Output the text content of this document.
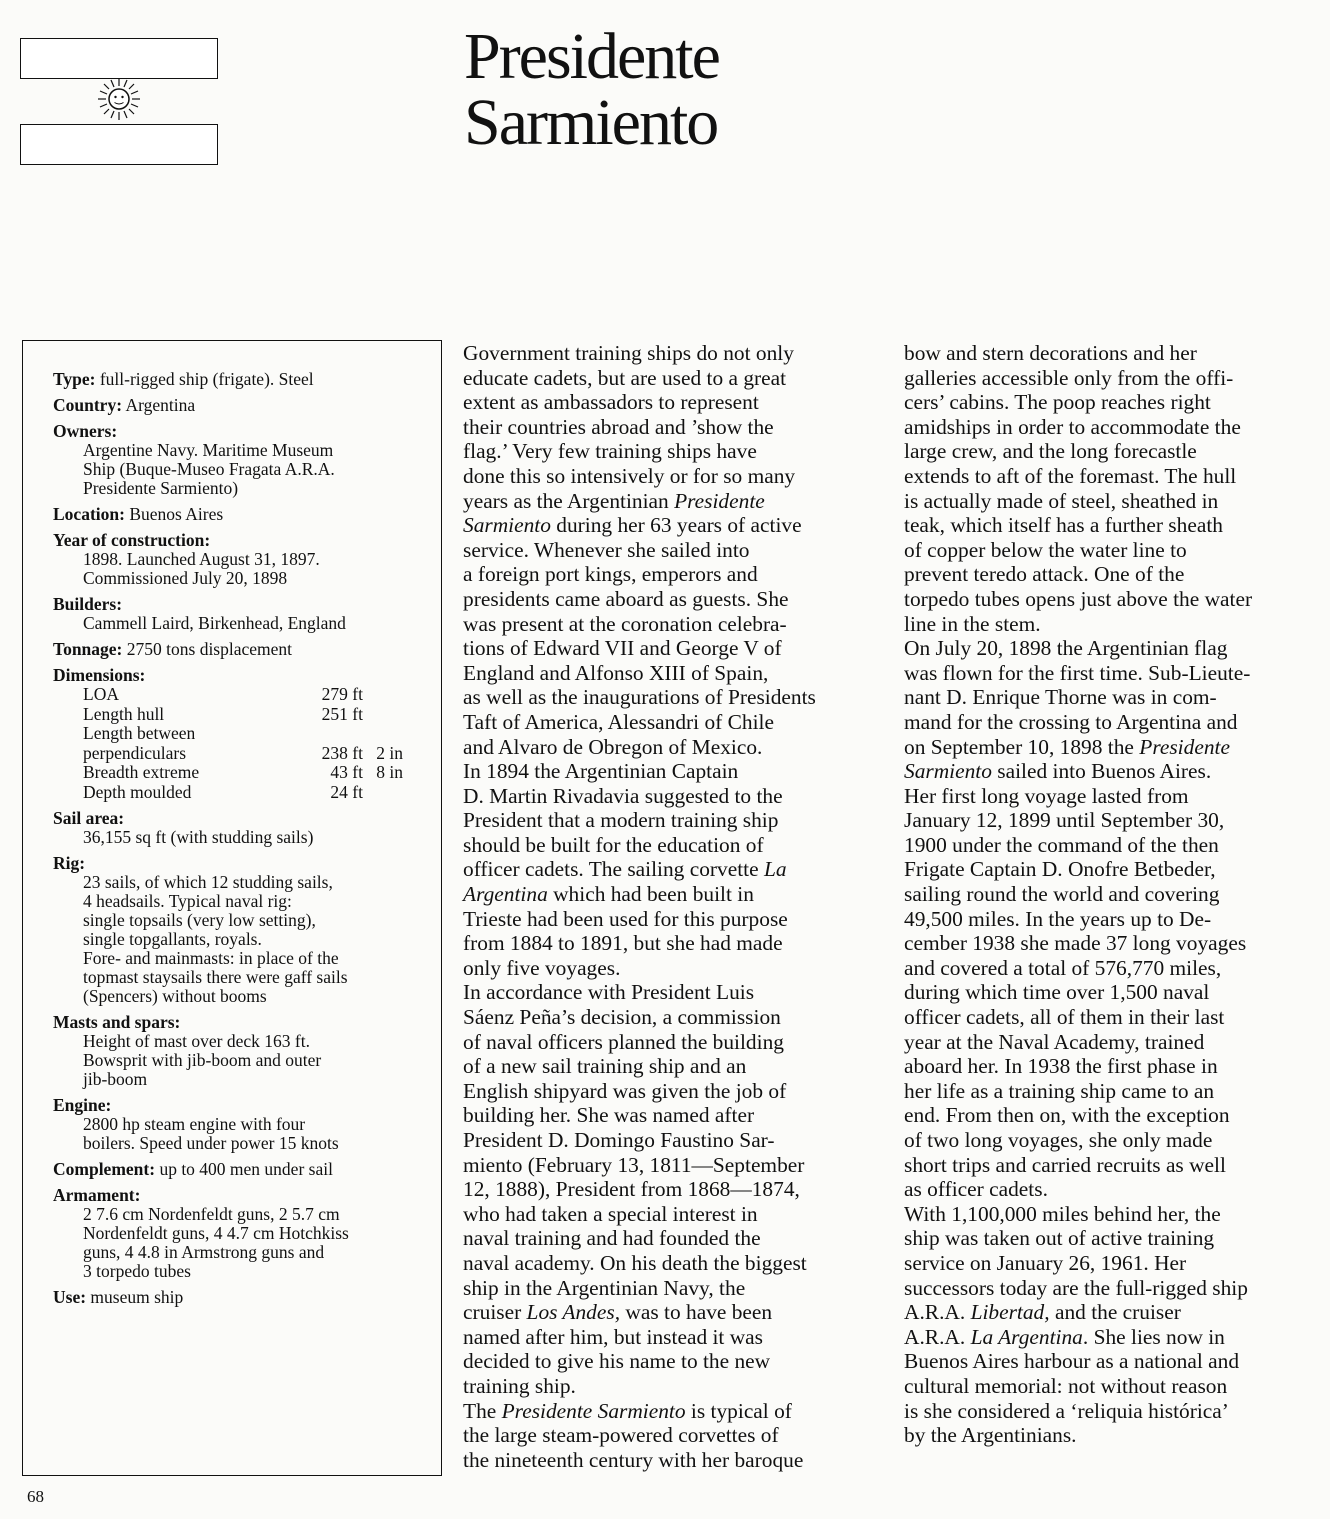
Presidente
Sarmiento
Type: full-rigged ship (frigate). Steel
Country: Argentina
Owners:
Argentine Navy. Maritime Museum
Ship (Buque-Museo Fragata A.R.A.
Presidente Sarmiento)
Location: Buenos Aires
Year of construction:
1898. Launched August 31, 1897.
Commissioned July 20, 1898
Builders:
Cammell Laird, Birkenhead, England
Tonnage: 2750 tons displacement
Dimensions:
LOA	279 ft	
Length hull	251 ft	
Length between		
perpendiculars	238 ft	2 in
Breadth extreme	43 ft	8 in
Depth moulded	24 ft	
Sail area:
36,155 sq ft (with studding sails)
Rig:
23 sails, of which 12 studding sails,
4 headsails. Typical naval rig:
single topsails (very low setting),
single topgallants, royals.
Fore- and mainmasts: in place of the
topmast staysails there were gaff sails
(Spencers) without booms
Masts and spars:
Height of mast over deck 163 ft.
Bowsprit with jib-boom and outer
jib-boom
Engine:
2800 hp steam engine with four
boilers. Speed under power 15 knots
Complement: up to 400 men under sail
Armament:
2 7.6 cm Nordenfeldt guns, 2 5.7 cm
Nordenfeldt guns, 4 4.7 cm Hotchkiss
guns, 4 4.8 in Armstrong guns and
3 torpedo tubes
Use: museum ship

Government training ships do not only

educate cadets, but are used to a great

extent as ambassadors to represent

their countries abroad and ’show the

flag.’ Very few training ships have

done this so intensively or for so many

years as the Argentinian Presidente

Sarmiento during her 63 years of active

service. Whenever she sailed into

a foreign port kings, emperors and

presidents came aboard as guests. She

was present at the coronation celebra-

tions of Edward VII and George V of

England and Alfonso XIII of Spain,

as well as the inaugurations of Presidents

Taft of America, Alessandri of Chile

and Alvaro de Obregon of Mexico.

In 1894 the Argentinian Captain

D. Martin Rivadavia suggested to the

President that a modern training ship

should be built for the education of

officer cadets. The sailing corvette La

Argentina which had been built in

Trieste had been used for this purpose

from 1884 to 1891, but she had made

only five voyages.

In accordance with President Luis

Sáenz Peña’s decision, a commission

of naval officers planned the building

of a new sail training ship and an

English shipyard was given the job of

building her. She was named after

President D. Domingo Faustino Sar-

miento (February 13, 1811—September

12, 1888), President from 1868—1874,

who had taken a special interest in

naval training and had founded the

naval academy. On his death the biggest

ship in the Argentinian Navy, the

cruiser Los Andes, was to have been

named after him, but instead it was

decided to give his name to the new

training ship.

The Presidente Sarmiento is typical of

the large steam-powered corvettes of

the nineteenth century with her baroque

bow and stern decorations and her

galleries accessible only from the offi-

cers’ cabins. The poop reaches right

amidships in order to accommodate the

large crew, and the long forecastle

extends to aft of the foremast. The hull

is actually made of steel, sheathed in

teak, which itself has a further sheath

of copper below the water line to

prevent teredo attack. One of the

torpedo tubes opens just above the water

line in the stem.

On July 20, 1898 the Argentinian flag

was flown for the first time. Sub-Lieute-

nant D. Enrique Thorne was in com-

mand for the crossing to Argentina and

on September 10, 1898 the Presidente

Sarmiento sailed into Buenos Aires.

Her first long voyage lasted from

January 12, 1899 until September 30,

1900 under the command of the then

Frigate Captain D. Onofre Betbeder,

sailing round the world and covering

49,500 miles. In the years up to De-

cember 1938 she made 37 long voyages

and covered a total of 576,770 miles,

during which time over 1,500 naval

officer cadets, all of them in their last

year at the Naval Academy, trained

aboard her. In 1938 the first phase in

her life as a training ship came to an

end. From then on, with the exception

of two long voyages, she only made

short trips and carried recruits as well

as officer cadets.

With 1,100,000 miles behind her, the

ship was taken out of active training

service on January 26, 1961. Her

successors today are the full-rigged ship

A.R.A. Libertad, and the cruiser

A.R.A. La Argentina. She lies now in

Buenos Aires harbour as a national and

cultural memorial: not without reason

is she considered a ‘reliquia histórica’

by the Argentinians.

68
